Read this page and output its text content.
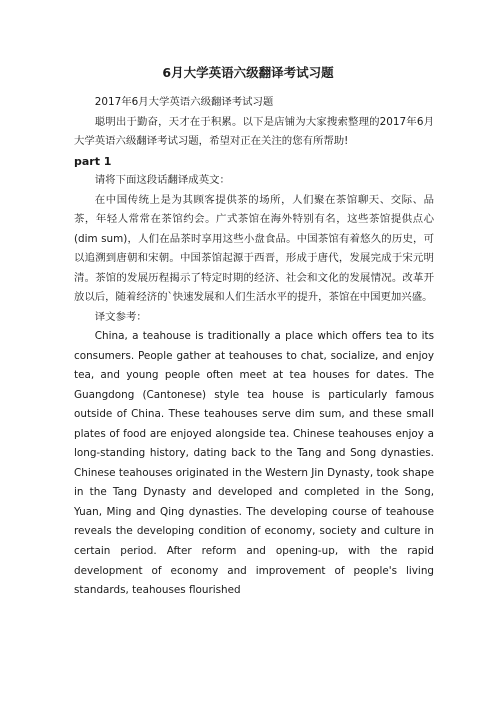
6月大学英语六级翻译考试习题

2017年6月大学英语六级翻译考试习题

聪明出于勤奋，天才在于积累。以下是店铺为大家搜索整理的2017年6月大学英语六级翻译考试习题，希望对正在关注的您有所帮助!

part 1

请将下面这段话翻译成英文：

在中国传统上是为其顾客提供茶的场所，人们聚在茶馆聊天、交际、品茶，年轻人常常在茶馆约会。广式茶馆在海外特别有名，这些茶馆提供点心(dim sum)，人们在品茶时享用这些小盘食品。中国茶馆有着悠久的历史，可以追溯到唐朝和宋朝。中国茶馆起源于西晋，形成于唐代，发展完成于宋元明清。茶馆的发展历程揭示了特定时期的经济、社会和文化的发展情况。改革开放以后，随着经济的`快速发展和人们生活水平的提升，茶馆在中国更加兴盛。

译文参考：

China, a teahouse is traditionally a place which offers tea to its consumers. People gather at teahouses to chat, socialize, and enjoy tea, and young people often meet at tea houses for dates. The Guangdong (Cantonese) style tea house is particularly famous outside of China. These teahouses serve dim sum, and these small plates of food are enjoyed alongside tea. Chinese teahouses enjoy a long-standing history, dating back to the Tang and Song dynasties. Chinese teahouses originated in the Western Jin Dynasty, took shape in the Tang Dynasty and developed and completed in the Song, Yuan, Ming and Qing dynasties. The developing course of teahouse reveals the developing condition of economy, society and culture in certain period. After reform and opening-up, with the rapid development of economy and improvement of people's living standards, teahouses flourished
